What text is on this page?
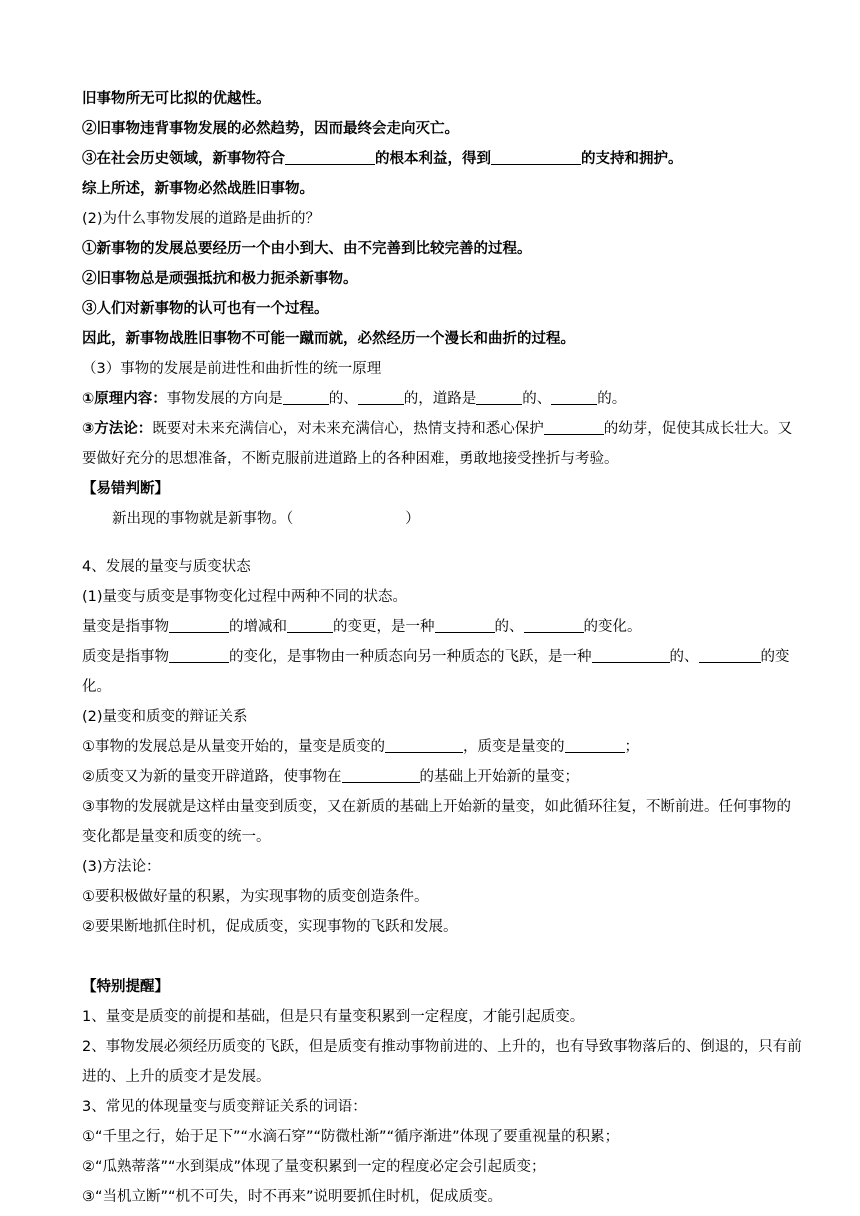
旧事物所无可比拟的优越性。

②旧事物违背事物发展的必然趋势，因而最终会走向灭亡。

③在社会历史领域，新事物符合	的根本利益，得到	的支持和拥护。

综上所述，新事物必然战胜旧事物。

(2)为什么事物发展的道路是曲折的？

①新事物的发展总要经历一个由小到大、由不完善到比较完善的过程。

②旧事物总是顽强抵抗和极力扼杀新事物。

③人们对新事物的认可也有一个过程。

因此，新事物战胜旧事物不可能一蹴而就，必然经历一个漫长和曲折的过程。

（3）事物的发展是前进性和曲折性的统一原理

①原理内容：事物发展的方向是	的、	的，道路是	的、	的。

③方法论：既要对未来充满信心，对未来充满信心，热情支持和悉心保护	的幼芽，促使其成长壮大。又要做好充分的思想准备，不断克服前进道路上的各种困难，勇敢地接受挫折与考验。

【易错判断】

新出现的事物就是新事物。（	）

4、发展的量变与质变状态

(1)量变与质变是事物变化过程中两种不同的状态。

量变是指事物	的增减和	的变更，是一种	的、	的变化。

质变是指事物	的变化，是事物由一种质态向另一种质态的飞跃，是一种	的、	的变化。

(2)量变和质变的辩证关系

①事物的发展总是从量变开始的，量变是质变的	，质变是量变的	；

②质变又为新的量变开辟道路，使事物在	的基础上开始新的量变；

③事物的发展就是这样由量变到质变，又在新质的基础上开始新的量变，如此循环往复，不断前进。任何事物的变化都是量变和质变的统一。

(3)方法论：

①要积极做好量的积累，为实现事物的质变创造条件。

②要果断地抓住时机，促成质变，实现事物的飞跃和发展。

【特别提醒】

1、量变是质变的前提和基础，但是只有量变积累到一定程度，才能引起质变。

2、事物发展必须经历质变的飞跃，但是质变有推动事物前进的、上升的，也有导致事物落后的、倒退的，只有前进的、上升的质变才是发展。

3、常见的体现量变与质变辩证关系的词语：

①“千里之行，始于足下”“水滴石穿”“防微杜渐”“循序渐进”体现了要重视量的积累；

②“瓜熟蒂落”“水到渠成”体现了量变积累到一定的程度必定会引起质变；

③“当机立断”“机不可失，时不再来”说明要抓住时机，促成质变。
